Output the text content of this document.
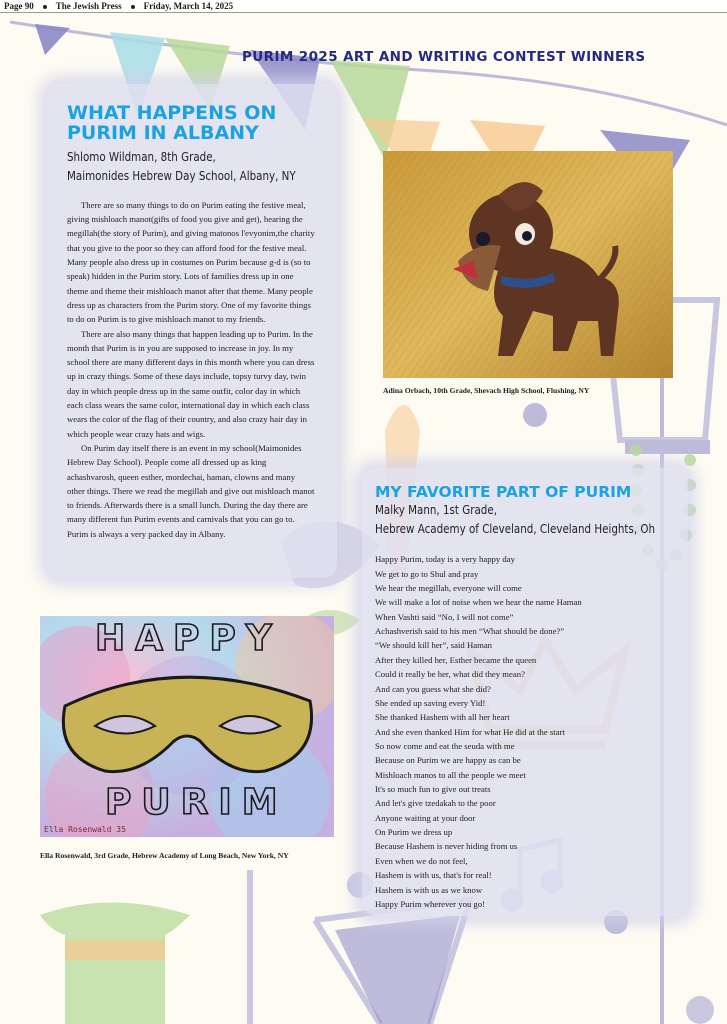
Page 90 The Jewish Press Friday, March 14, 2025
PURIM 2025 ART AND WRITING CONTEST WINNERS
WHAT HAPPENS ON
PURIM IN ALBANY
Shlomo Wildman, 8th Grade,
Maimonides Hebrew Day School, Albany, NY

There are so many things to do on Purim eating the festive meal, giving mishloach manot(gifts of food you give and get), hearing the megillah(the story of Purim), and giving matonos l'evyonim,the charity that you give to the poor so they can afford food for the festive meal. Many people also dress up in costumes on Purim because g-d is (so to speak) hidden in the Purim story. Lots of families dress up in one theme and theme their mishloach manot after that theme. Many people dress up as characters from the Purim story. One of my favorite things to do on Purim is to give mishloach manot to my friends.

There are also many things that happen leading up to Purim. In the month that Purim is in you are supposed to increase in joy. In my school there are many different days in this month where you can dress up in crazy things. Some of these days include, topsy turvy day, twin day in which people dress up in the same outfit, color day in which each class wears the same color, international day in which each class wears the color of the flag of their country, and also crazy hair day in which people wear crazy hats and wigs.

On Purim day itself there is an event in my school(Maimonides Hebrew Day School). People come all dressed up as king achashvarosh, queen esther, mordechai, haman, clowns and many other things. There we read the megillah and give out mishloach manot to friends. Afterwards there is a small lunch. During the day there are many different fun Purim events and carnivals that you can go to. Purim is always a very packed day in Albany.

Adina Orbach, 10th Grade, Shevach High School, Flushing, NY
HAPPY
PURIM
Ella Rosenwald 35
Ella Rosenwald, 3rd Grade, Hebrew Academy of Long Beach, New York, NY
MY FAVORITE PART OF PURIM
Malky Mann, 1st Grade,
Hebrew Academy of Cleveland, Cleveland Heights, Oh
Happy Purim, today is a very happy day
We get to go to Shul and pray
We hear the megillah, everyone will come
We will make a lot of noise when we hear the name Haman
When Vashti said “No, I will not come”
Achashverish said to his men “What should be done?”
“We should kill her”, said Haman
After they killed her, Esther became the queen
Could it really be her, what did they mean?
And can you guess what she did?
She ended up saving every Yid!
She thanked Hashem with all her heart
And she even thanked Him for what He did at the start
So now come and eat the seuda with me
Because on Purim we are happy as can be
Mishloach manos to all the people we meet
It's so much fun to give out treats
And let's give tzedakah to the poor
Anyone waiting at your door
On Purim we dress up
Because Hashem is never hiding from us
Even when we do not feel,
Hashem is with us, that's for real!
Hashem is with us as we know
Happy Purim wherever you go!
